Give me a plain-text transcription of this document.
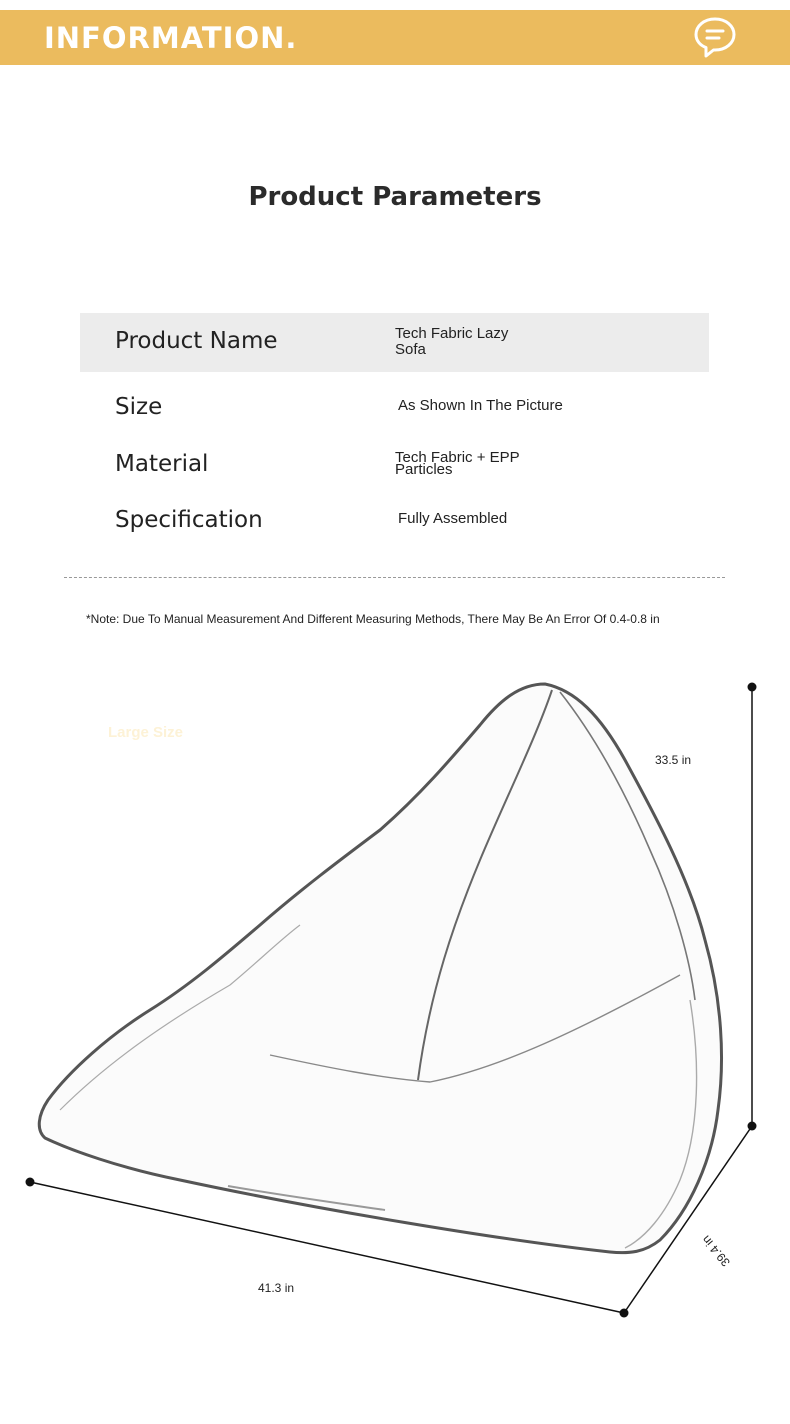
INFORMATION.
Product Parameters
Product Name	Tech Fabric Lazy Sofa
Size	As Shown In The Picture
Material	Tech Fabric + EPP Particles
Specification	Fully Assembled
*Note: Due To Manual Measurement And Different Measuring Methods, There May Be An Error Of 0.4-0.8 in
Large Size
33.5 in
41.3 in
39.4 in
